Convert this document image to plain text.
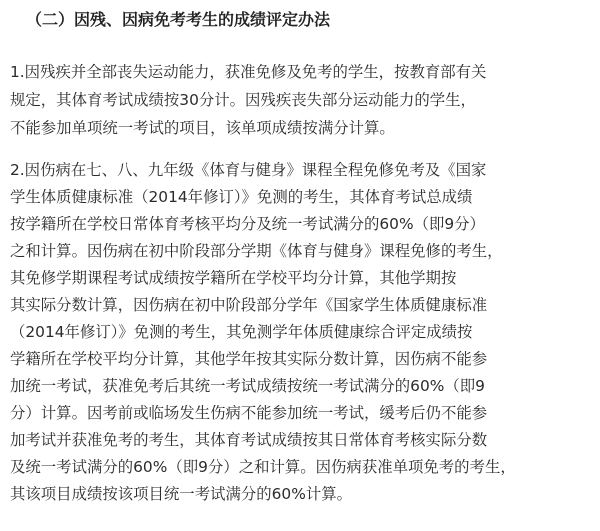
（二）因残、因病免考考生的成绩评定办法
1.因残疾并全部丧失运动能力，获准免修及免考的学生，按教育部有关
规定，其体育考试成绩按30分计。因残疾丧失部分运动能力的学生，
不能参加单项统一考试的项目，该单项成绩按满分计算。
2.因伤病在七、八、九年级《体育与健身》课程全程免修免考及《国家
学生体质健康标准（2014年修订）》免测的考生，其体育考试总成绩
按学籍所在学校日常体育考核平均分及统一考试满分的60%（即9分）
之和计算。因伤病在初中阶段部分学期《体育与健身》课程免修的考生，
其免修学期课程考试成绩按学籍所在学校平均分计算，其他学期按
其实际分数计算，因伤病在初中阶段部分学年《国家学生体质健康标准
（2014年修订）》免测的考生，其免测学年体质健康综合评定成绩按
学籍所在学校平均分计算，其他学年按其实际分数计算，因伤病不能参
加统一考试，获准免考后其统一考试成绩按统一考试满分的60%（即9
分）计算。因考前或临场发生伤病不能参加统一考试，缓考后仍不能参
加考试并获准免考的考生，其体育考试成绩按其日常体育考核实际分数
及统一考试满分的60%（即9分）之和计算。因伤病获准单项免考的考生，
其该项目成绩按该项目统一考试满分的60%计算。
